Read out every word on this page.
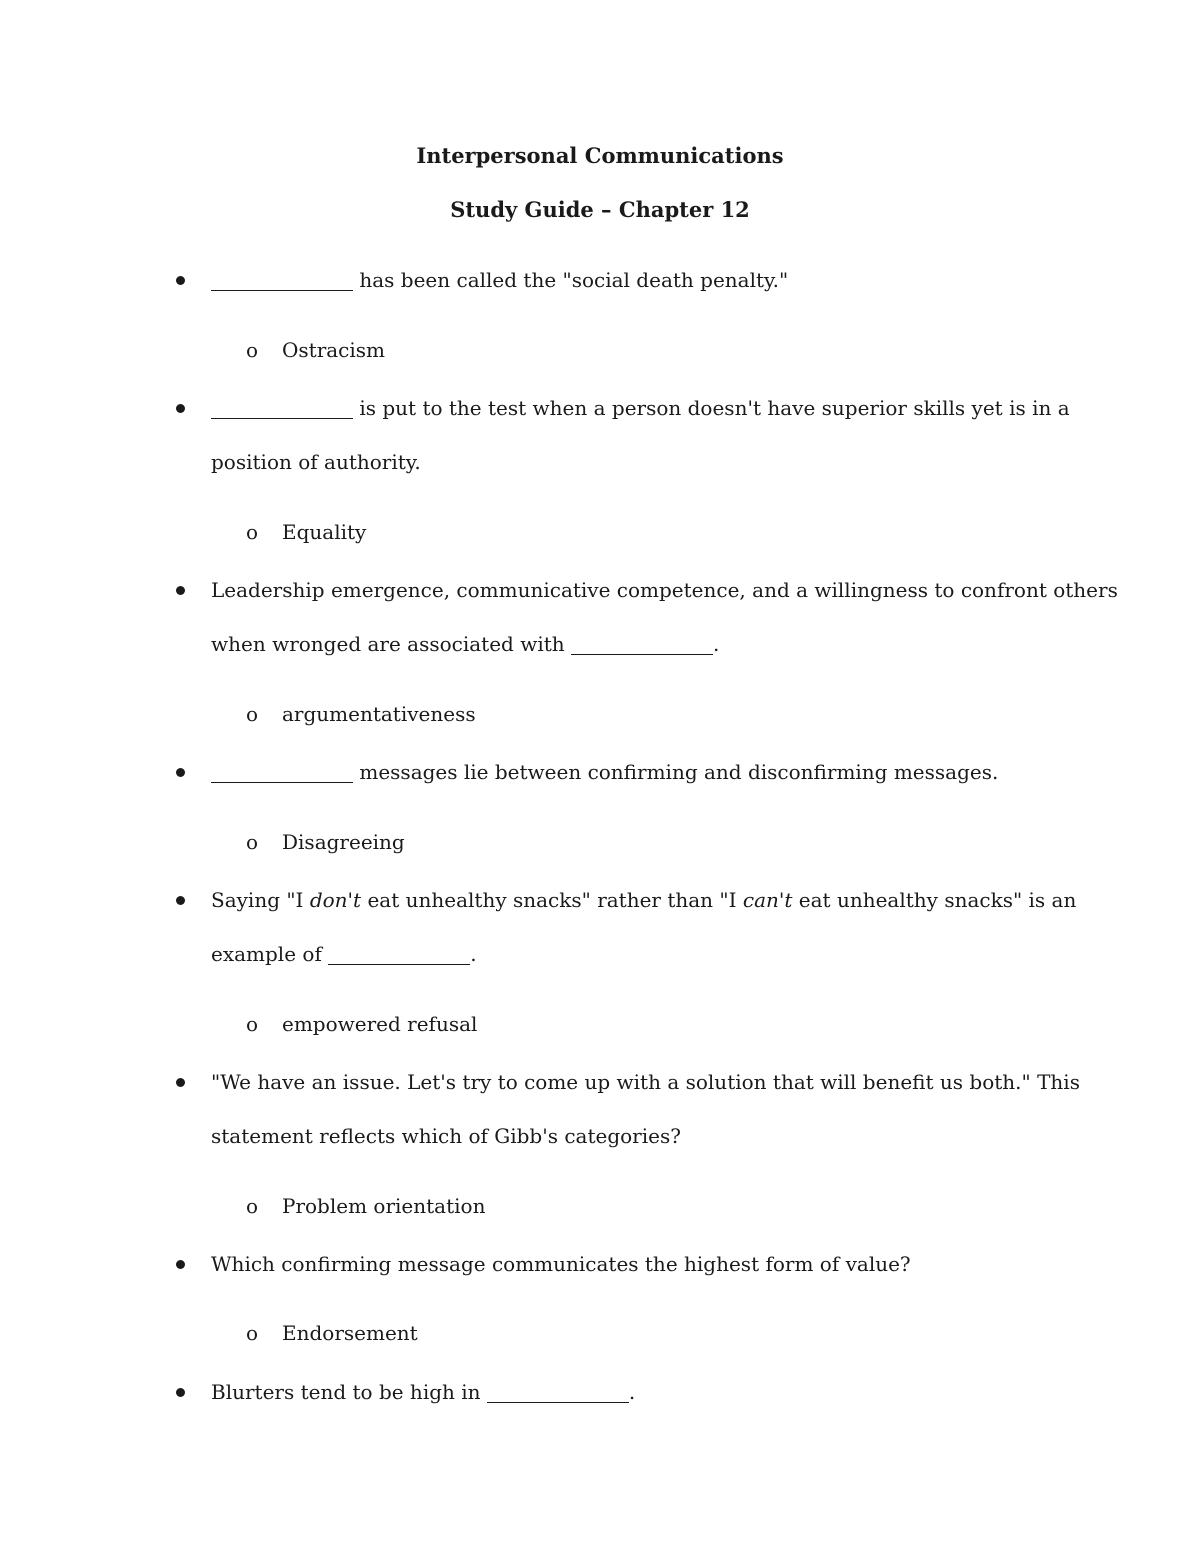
Interpersonal Communications
Study Guide – Chapter 12

has been called the "social death penalty."

o Ostracism

is put to the test when a person doesn't have superior skills yet is in a

position of authority.

o Equality

Leadership emergence, communicative competence, and a willingness to confront others

when wronged are associated with	.

o argumentativeness

messages lie between confirming and disconfirming messages.

o Disagreeing

Saying "I don't eat unhealthy snacks" rather than "I can't eat unhealthy snacks" is an

example of	.

o empowered refusal

"We have an issue. Let's try to come up with a solution that will benefit us both." This

statement reflects which of Gibb's categories?

o Problem orientation

Which confirming message communicates the highest form of value?

o Endorsement

Blurters tend to be high in	.
